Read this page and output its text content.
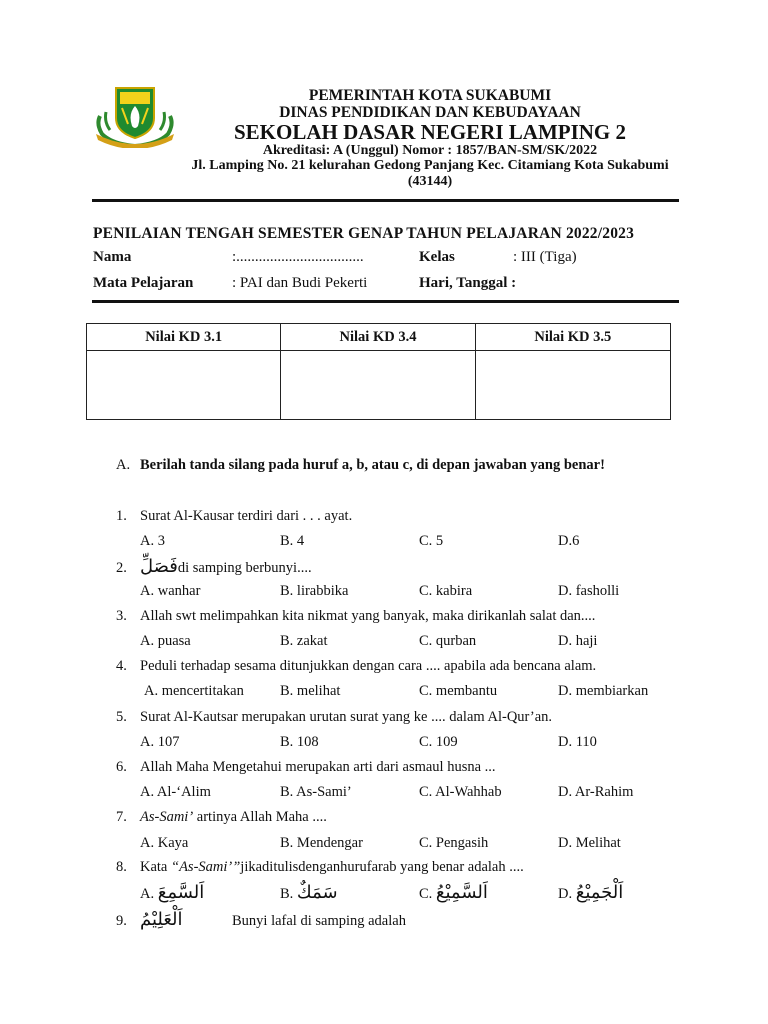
PEMERINTAH KOTA SUKABUMI
DINAS PENDIDIKAN DAN KEBUDAYAAN
SEKOLAH DASAR NEGERI LAMPING 2
Akreditasi: A (Unggul) Nomor : 1857/BAN-SM/SK/2022
Jl. Lamping No. 21 kelurahan Gedong Panjang Kec. Citamiang Kota Sukabumi
(43144)
PENILAIAN TENGAH SEMESTER GENAP TAHUN PELAJARAN 2022/2023
Nama	:..................................	Kelas	: III (Tiga)
Mata Pelajaran	: PAI dan Budi Pekerti	Hari, Tanggal :
Nilai KD 3.1	Nilai KD 3.4	Nilai KD 3.5
A. Berilah tanda silang pada huruf a, b, atau c, di depan jawaban yang benar!
1. Surat Al-Kausar terdiri dari . . . ayat.
A. 3	B. 4	C. 5	D.6
2. فَصَلِّdi samping berbunyi....
A. wanhar	B. lirabbika	C. kabira	D. fasholli
3. Allah swt melimpahkan kita nikmat yang banyak, maka dirikanlah salat dan....
A. puasa	B. zakat	C. qurban	D. haji
4. Peduli terhadap sesama ditunjukkan dengan cara .... apabila ada bencana alam.
A. mencertitakan B. melihat	C. membantu	D. membiarkan
5. Surat Al-Kautsar merupakan urutan surat yang ke .... dalam Al-Qur’an.
A. 107	B. 108	C. 109	D. 110
6. Allah Maha Mengetahui merupakan arti dari asmaul husna ...
A. Al-‘Alim	B. As-Sami’	C. Al-Wahhab	D. Ar-Rahim
7. As-Sami’ artinya Allah Maha ....
A. Kaya	B. Mendengar	C. Pengasih	D. Melihat
8. Kata “As-Sami’”jikaditulisdenganhurufarab yang benar adalah ....
A. اَلسَّمِعَ	B. سَمَكٌ	C. اَلسَّمِيْعُ	D. اَلْجَمِيْعُ
9. اَلْعَلِيْمُ	Bunyi lafal di samping adalah
